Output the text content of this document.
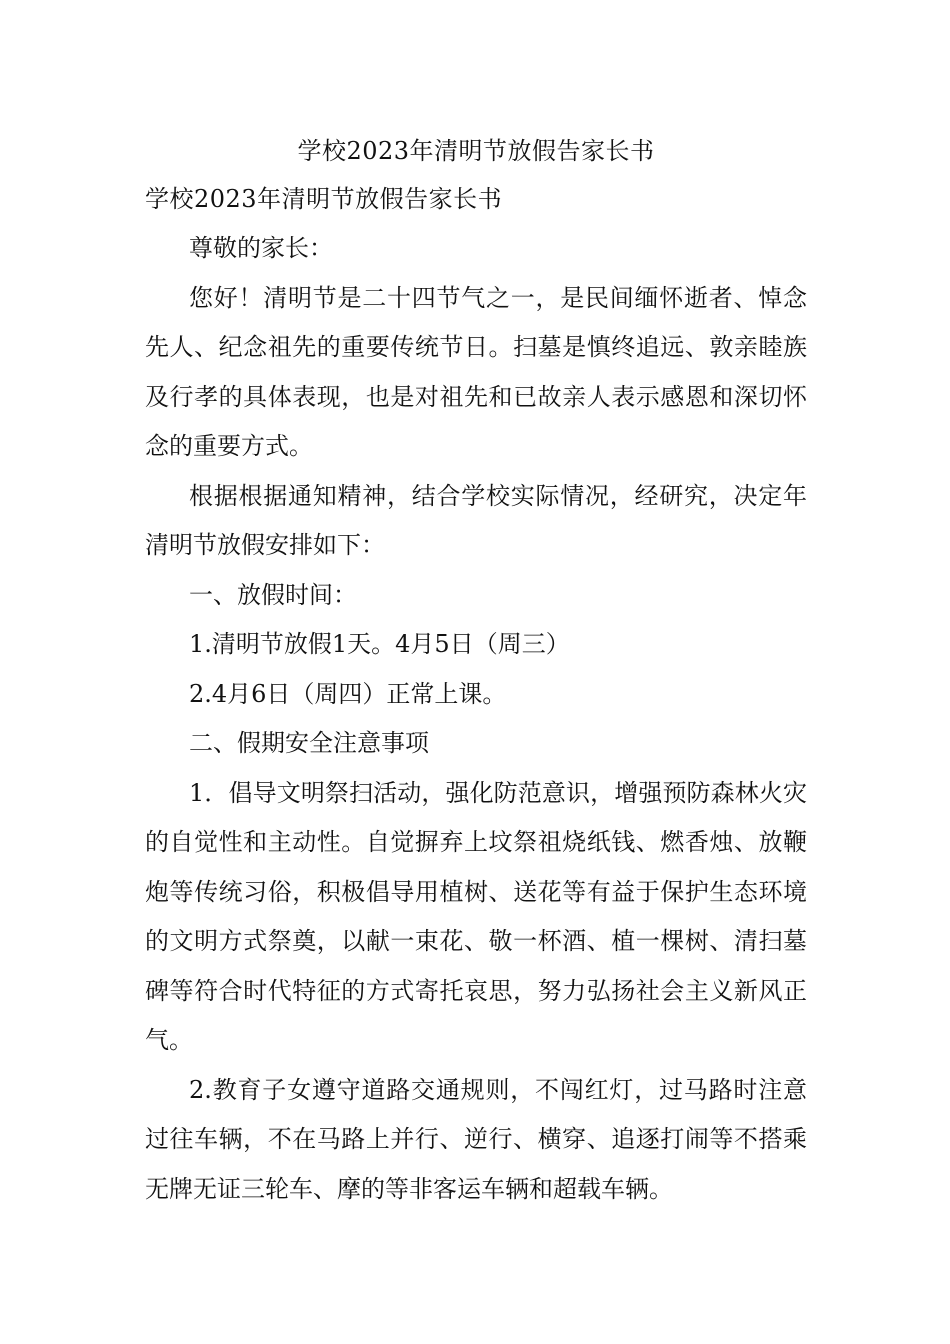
学校2023年清明节放假告家长书
学校2023年清明节放假告家长书

尊敬的家长：

您好！清明节是二十四节气之一，是民间缅怀逝者、悼念先人、纪念祖先的重要传统节日。扫墓是慎终追远、敦亲睦族及行孝的具体表现，也是对祖先和已故亲人表示感恩和深切怀念的重要方式。

根据根据通知精神，结合学校实际情况，经研究，决定年清明节放假安排如下：

一、放假时间：

1.清明节放假1天。4月5日（周三）

2.4月6日（周四）正常上课。

二、假期安全注意事项

1．倡导文明祭扫活动，强化防范意识，增强预防森林火灾的自觉性和主动性。自觉摒弃上坟祭祖烧纸钱、燃香烛、放鞭炮等传统习俗，积极倡导用植树、送花等有益于保护生态环境的文明方式祭奠，以献一束花、敬一杯酒、植一棵树、清扫墓碑等符合时代特征的方式寄托哀思，努力弘扬社会主义新风正气。

2.教育子女遵守道路交通规则，不闯红灯，过马路时注意过往车辆，不在马路上并行、逆行、横穿、追逐打闹等不搭乘无牌无证三轮车、摩的等非客运车辆和超载车辆。
